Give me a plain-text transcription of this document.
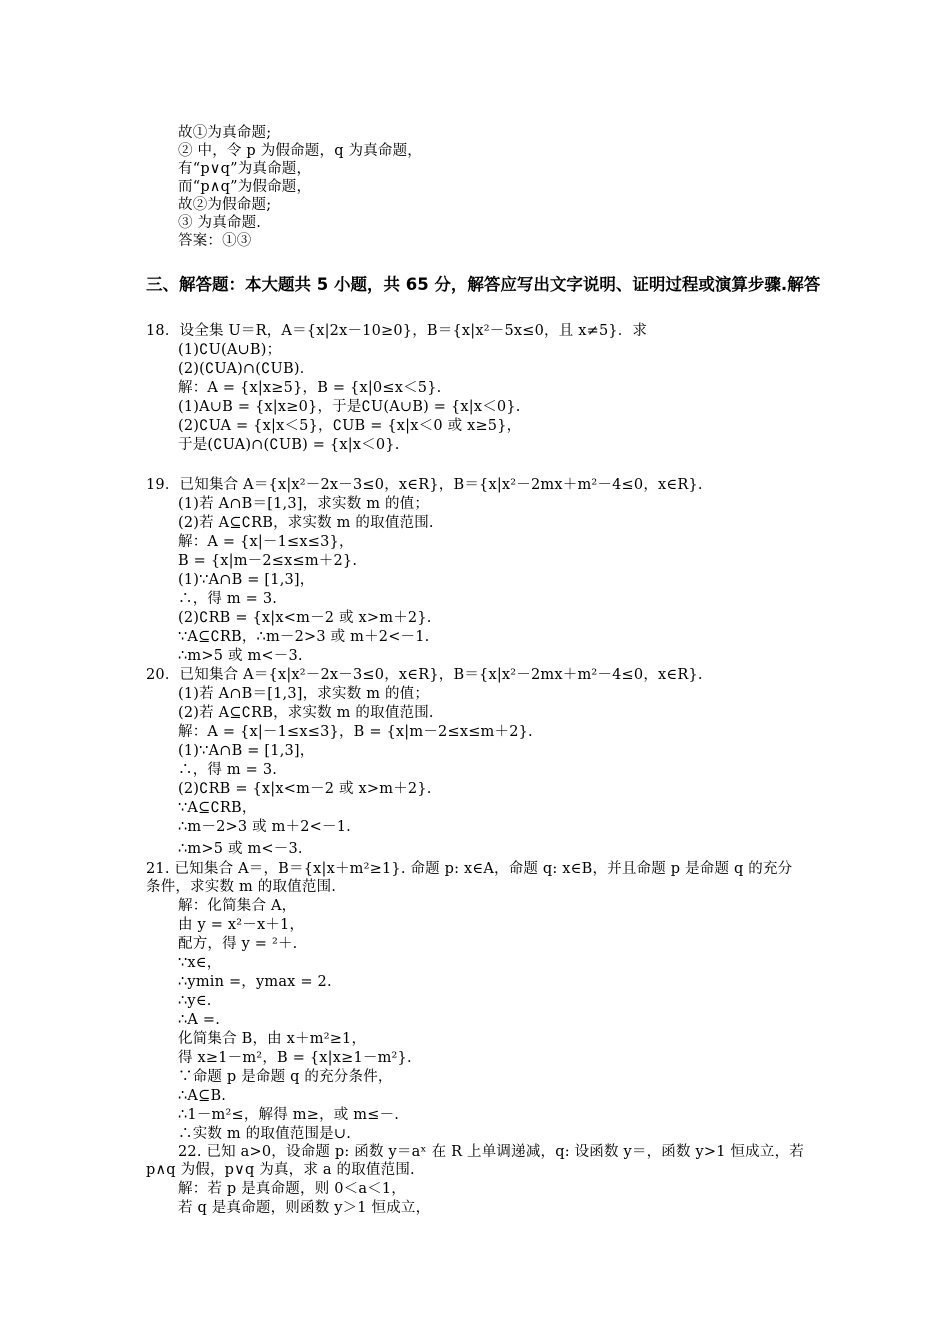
故①为真命题;
② 中，令 p 为假命题，q 为真命题，
有“p∨q”为真命题，
而“p∧q”为假命题，
故②为假命题;
③ 为真命题.
答案：①③
三、解答题：本大题共 5 小题，共 65 分，解答应写出文字说明、证明过程或演算步骤.解答
18．设全集 U＝R，A＝{x|2x－10≥0}，B＝{x|x²－5x≤0，且 x≠5}．求
(1)∁U(A∪B)；
(2)(∁UA)∩(∁UB)．
解：A = {x|x≥5}，B = {x|0≤x＜5}.
(1)A∪B = {x|x≥0}，于是∁U(A∪B) = {x|x＜0}.
(2)∁UA = {x|x＜5}，∁UB = {x|x＜0 或 x≥5}，
于是(∁UA)∩(∁UB) = {x|x＜0}.
19．已知集合 A＝{x|x²－2x－3≤0，x∈R}，B＝{x|x²－2mx＋m²－4≤0，x∈R}.
(1)若 A∩B＝[1,3]，求实数 m 的值；
(2)若 A⊆∁RB，求实数 m 的取值范围.
解：A = {x|－1≤x≤3}，
B = {x|m－2≤x≤m＋2}.
(1)∵A∩B = [1,3]，
∴，得 m = 3.
(2)∁RB = {x|x<m－2 或 x>m＋2}.
∵A⊆∁RB，∴m－2>3 或 m＋2<－1.
∴m>5 或 m<－3.
20．已知集合 A＝{x|x²－2x－3≤0，x∈R}，B＝{x|x²－2mx＋m²－4≤0，x∈R}.
(1)若 A∩B＝[1,3]，求实数 m 的值；
(2)若 A⊆∁RB，求实数 m 的取值范围.
解：A = {x|－1≤x≤3}，B = {x|m－2≤x≤m＋2}.
(1)∵A∩B = [1,3]，
∴，得 m = 3.
(2)∁RB = {x|x<m－2 或 x>m＋2}.
∵A⊆∁RB，
∴m－2>3 或 m＋2<－1.
∴m>5 或 m<－3.
21. 已知集合 A＝，B＝{x|x＋m²≥1}. 命题 p: x∈A，命题 q: x∈B，并且命题 p 是命题 q 的充分条件，求实数 m 的取值范围.
解：化简集合 A，
由 y = x²－x＋1，
配方，得 y = ²＋.
∵x∈，
∴ymin =，ymax = 2.
∴y∈.
∴A =.
化简集合 B，由 x＋m²≥1，
得 x≥1－m²，B = {x|x≥1－m²}.
∵命题 p 是命题 q 的充分条件，
∴A⊆B.
∴1－m²≤，解得 m≥，或 m≤－.
∴实数 m 的取值范围是∪.
22. 已知 a>0，设命题 p: 函数 y＝aˣ 在 R 上单调递减，q: 设函数 y＝，函数 y>1 恒成立，若 p∧q 为假，p∨q 为真，求 a 的取值范围.
解：若 p 是真命题，则 0＜a＜1，
若 q 是真命题，则函数 y＞1 恒成立，
